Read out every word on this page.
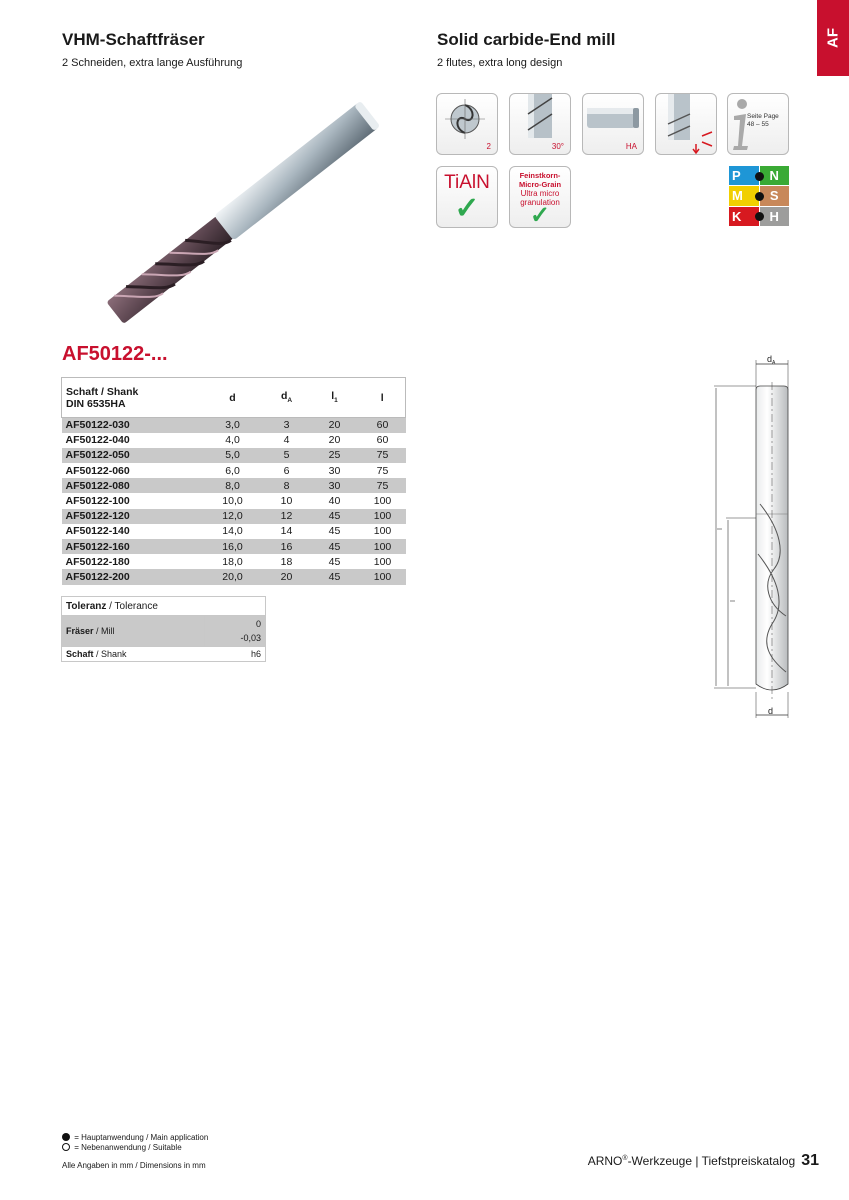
VHM-Schaftfräser
2 Schneiden, extra lange Ausführung
Solid carbide-End mill
2 flutes, extra long design
AF
2	30°	HA
Seite Page
48 – 55
TiAlN
✓
Feinstkorn-
Micro-Grain
Ultra micro
granulation
✓
P N
M S
K H
AF50122-...
Schaft / Shank
DIN 6535HA	d	$d_A$	$l_1$	l
AF50122-030	3,0	3	20	60
AF50122-040	4,0	4	20	60
AF50122-050	5,0	5	25	75
AF50122-060	6,0	6	30	75
AF50122-080	8,0	8	30	75
AF50122-100	10,0	10	40	100
AF50122-120	12,0	12	45	100
AF50122-140	14,0	14	45	100
AF50122-160	16,0	16	45	100
AF50122-180	18,0	18	45	100
AF50122-200	20,0	20	45	100
Toleranz / Tolerance	
Fräser / Mill	0
-0,03

Schaft / Shank	h6
$d_A$
d
= Hauptanwendung / Main application
= Nebenanwendung / Suitable
Alle Angaben in mm / Dimensions in mm	ARNO®-Werkzeuge | Tiefstpreiskatalog 31
